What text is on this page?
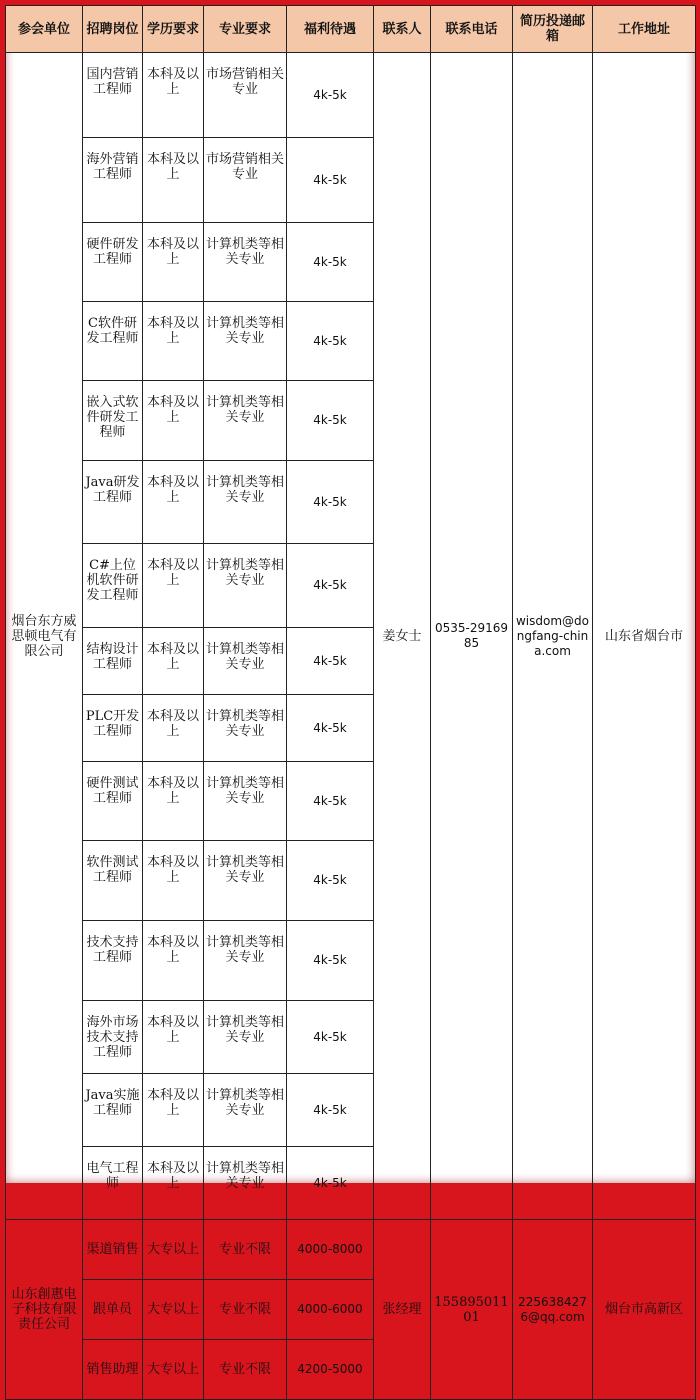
参会单位	招聘岗位	学历要求	专业要求	福利待遇	联系人	联系电话	简历投递邮箱	工作地址
烟台东方威思顿电气有限公司	国内营销工程师	本科及以上	市场营销相关专业	4k-5k	姜女士	0535-2916985	wisdom@dongfang-china.com	山东省烟台市
	海外营销工程师	本科及以上	市场营销相关专业	4k-5k				
	硬件研发工程师	本科及以上	计算机类等相关专业	4k-5k				
	C软件研发工程师	本科及以上	计算机类等相关专业	4k-5k				
	嵌入式软件研发工程师	本科及以上	计算机类等相关专业	4k-5k				
	Java研发工程师	本科及以上	计算机类等相关专业	4k-5k				
	C#上位机软件研发工程师	本科及以上	计算机类等相关专业	4k-5k				
	结构设计工程师	本科及以上	计算机类等相关专业	4k-5k				
	PLC开发工程师	本科及以上	计算机类等相关专业	4k-5k				
	硬件测试工程师	本科及以上	计算机类等相关专业	4k-5k				
	软件测试工程师	本科及以上	计算机类等相关专业	4k-5k				
	技术支持工程师	本科及以上	计算机类等相关专业	4k-5k				
	海外市场技术支持工程师	本科及以上	计算机类等相关专业	4k-5k				
	Java实施工程师	本科及以上	计算机类等相关专业	4k-5k				
	电气工程师	本科及以上	计算机类等相关专业	4k-5k				
山东創惠电子科技有限责任公司	渠道销售	大专以上	专业不限	4000-8000	张经理	15589501101	2256384276@qq.com	烟台市高新区
	跟单员	大专以上	专业不限	4000-6000				
	销售助理	大专以上	专业不限	4200-5000				
